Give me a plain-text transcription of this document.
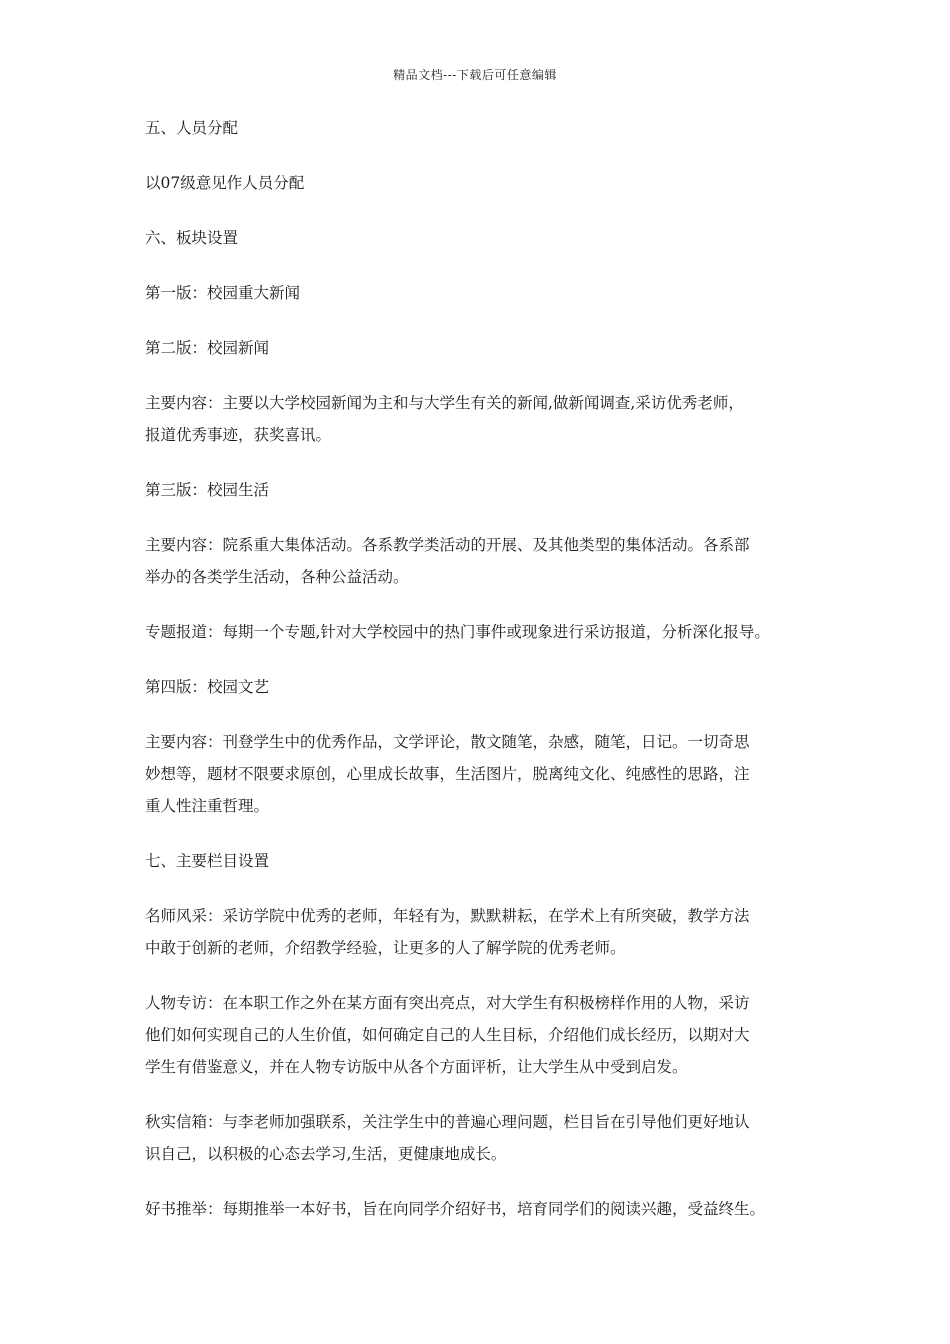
精品文档---下载后可任意编辑

五、人员分配

以07级意见作人员分配

六、板块设置

第一版：校园重大新闻

第二版：校园新闻

主要内容：主要以大学校园新闻为主和与大学生有关的新闻,做新闻调查,采访优秀老师，
报道优秀事迹，获奖喜讯。

第三版：校园生活

主要内容：院系重大集体活动。各系教学类活动的开展、及其他类型的集体活动。各系部
举办的各类学生活动，各种公益活动。

专题报道：每期一个专题,针对大学校园中的热门事件或现象进行采访报道，分析深化报导。

第四版：校园文艺

主要内容：刊登学生中的优秀作品，文学评论，散文随笔，杂感，随笔，日记。一切奇思
妙想等，题材不限要求原创，心里成长故事，生活图片，脱离纯文化、纯感性的思路，注
重人性注重哲理。

七、主要栏目设置

名师风采：采访学院中优秀的老师，年轻有为，默默耕耘，在学术上有所突破，教学方法
中敢于创新的老师，介绍教学经验，让更多的人了解学院的优秀老师。

人物专访：在本职工作之外在某方面有突出亮点，对大学生有积极榜样作用的人物，采访
他们如何实现自己的人生价值，如何确定自己的人生目标，介绍他们成长经历，以期对大
学生有借鉴意义，并在人物专访版中从各个方面评析，让大学生从中受到启发。

秋实信箱：与李老师加强联系，关注学生中的普遍心理问题，栏目旨在引导他们更好地认
识自己，以积极的心态去学习,生活，更健康地成长。

好书推举：每期推举一本好书，旨在向同学介绍好书，培育同学们的阅读兴趣，受益终生。
